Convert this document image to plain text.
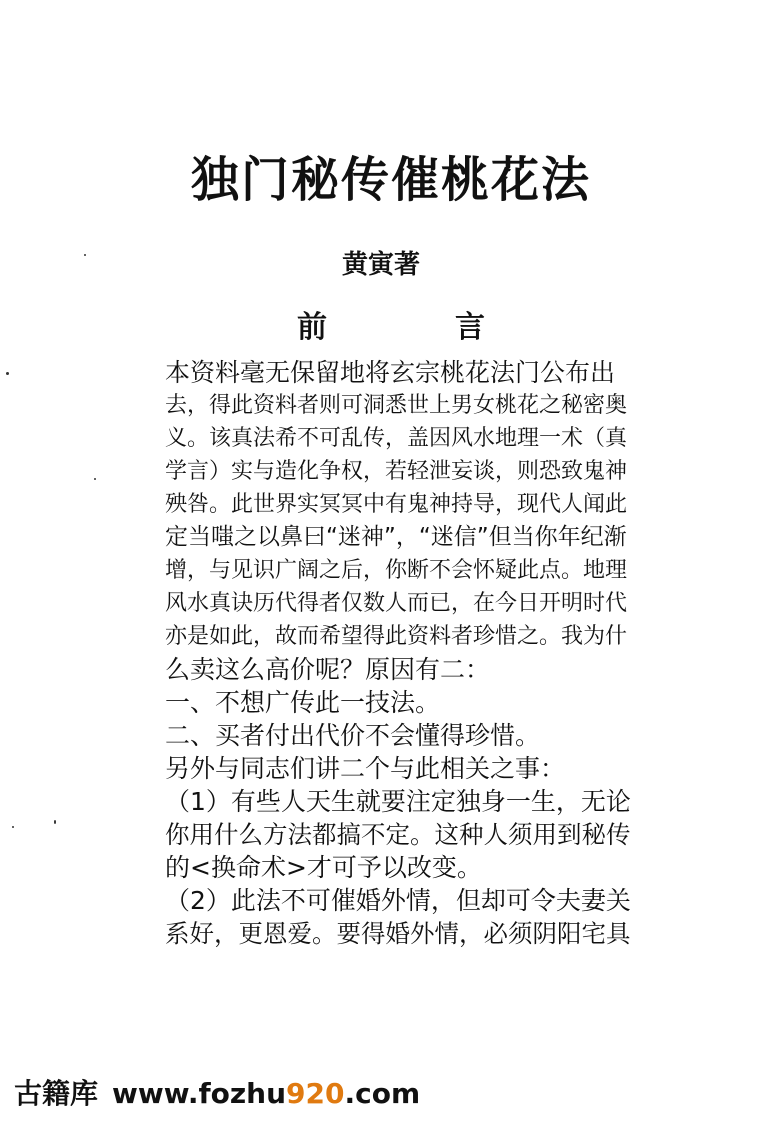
独门秘传催桃花法
黄寅著
前	言
本资料毫无保留地将玄宗桃花法门公布出
去，得此资料者则可洞悉世上男女桃花之秘密奥
义。该真法希不可乱传，盖因风水地理一术（真
学言）实与造化争权，若轻泄妄谈，则恐致鬼神
殃咎。此世界实冥冥中有鬼神持导，现代人闻此
定当嗤之以鼻曰“迷神”，“迷信”但当你年纪渐
增，与见识广阔之后，你断不会怀疑此点。地理
风水真诀历代得者仅数人而已，在今日开明时代
亦是如此，故而希望得此资料者珍惜之。我为什
么卖这么高价呢？原因有二：
一、不想广传此一技法。
二、买者付出代价不会懂得珍惜。
另外与同志们讲二个与此相关之事：
（1）有些人天生就要注定独身一生，无论
你用什么方法都搞不定。这种人须用到秘传
的<换命术>才可予以改变。
（2）此法不可催婚外情，但却可令夫妻关
系好，更恩爱。要得婚外情，必须阴阳宅具
古籍库 www.fozhu920.com
